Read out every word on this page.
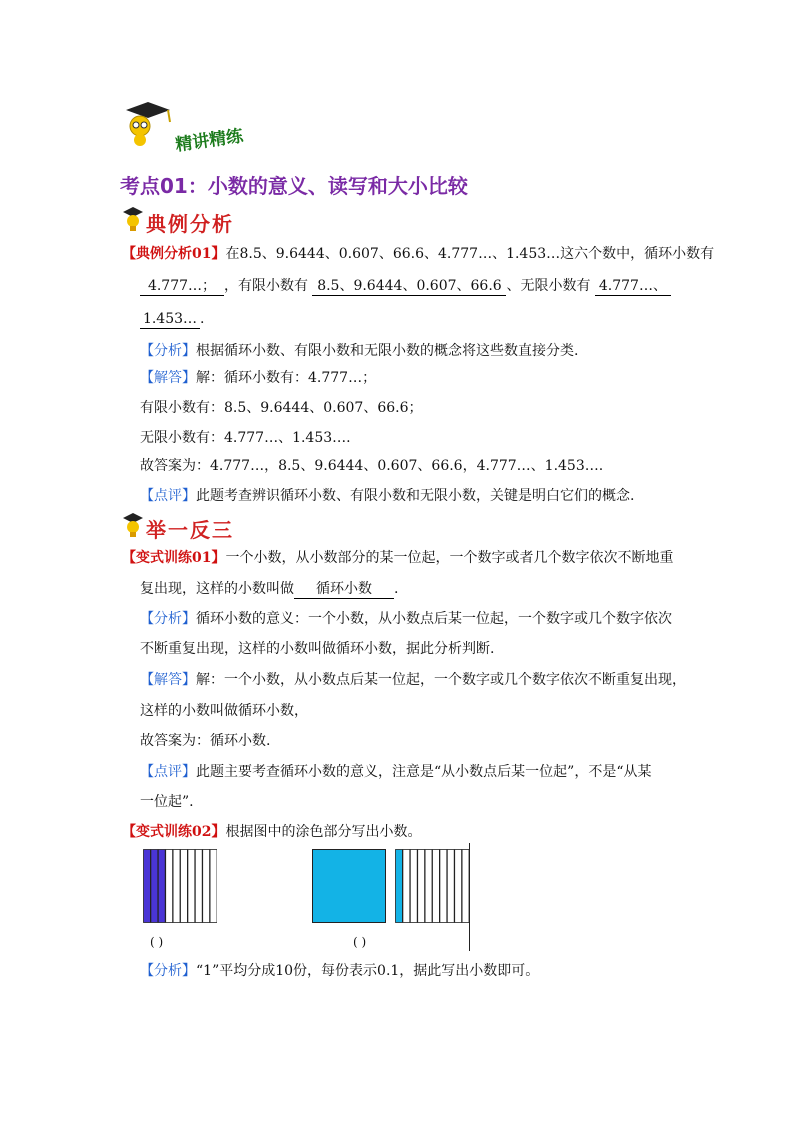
精讲精练
考点01：小数的意义、读写和大小比较
典例分析
【典例分析01】在8.5、9.6444、0.607、66.6、4.777…、1.453…这六个数中，循环小数有
4.777…； ，有限小数有 8.5、9.6444、0.607、66.6 、无限小数有 4.777…、
1.453… .
【分析】根据循环小数、有限小数和无限小数的概念将这些数直接分类.
【解答】解：循环小数有：4.777…；
有限小数有：8.5、9.6444、0.607、66.6；
无限小数有：4.777…、1.453….
故答案为：4.777…，8.5、9.6444、0.607、66.6，4.777…、1.453….
【点评】此题考查辨识循环小数、有限小数和无限小数，关键是明白它们的概念.
举一反三
【变式训练01】一个小数，从小数部分的某一位起，一个数字或者几个数字依次不断地重
复出现，这样的小数叫做 循环小数 .
【分析】循环小数的意义：一个小数，从小数点后某一位起，一个数字或几个数字依次
不断重复出现，这样的小数叫做循环小数，据此分析判断.
【解答】解：一个小数，从小数点后某一位起，一个数字或几个数字依次不断重复出现，
这样的小数叫做循环小数，
故答案为：循环小数.
【点评】此题主要考查循环小数的意义，注意是“从小数点后某一位起”，不是“从某
一位起”.
【变式训练02】根据图中的涂色部分写出小数。
( )	( )
【分析】“1”平均分成10份，每份表示0.1，据此写出小数即可。
